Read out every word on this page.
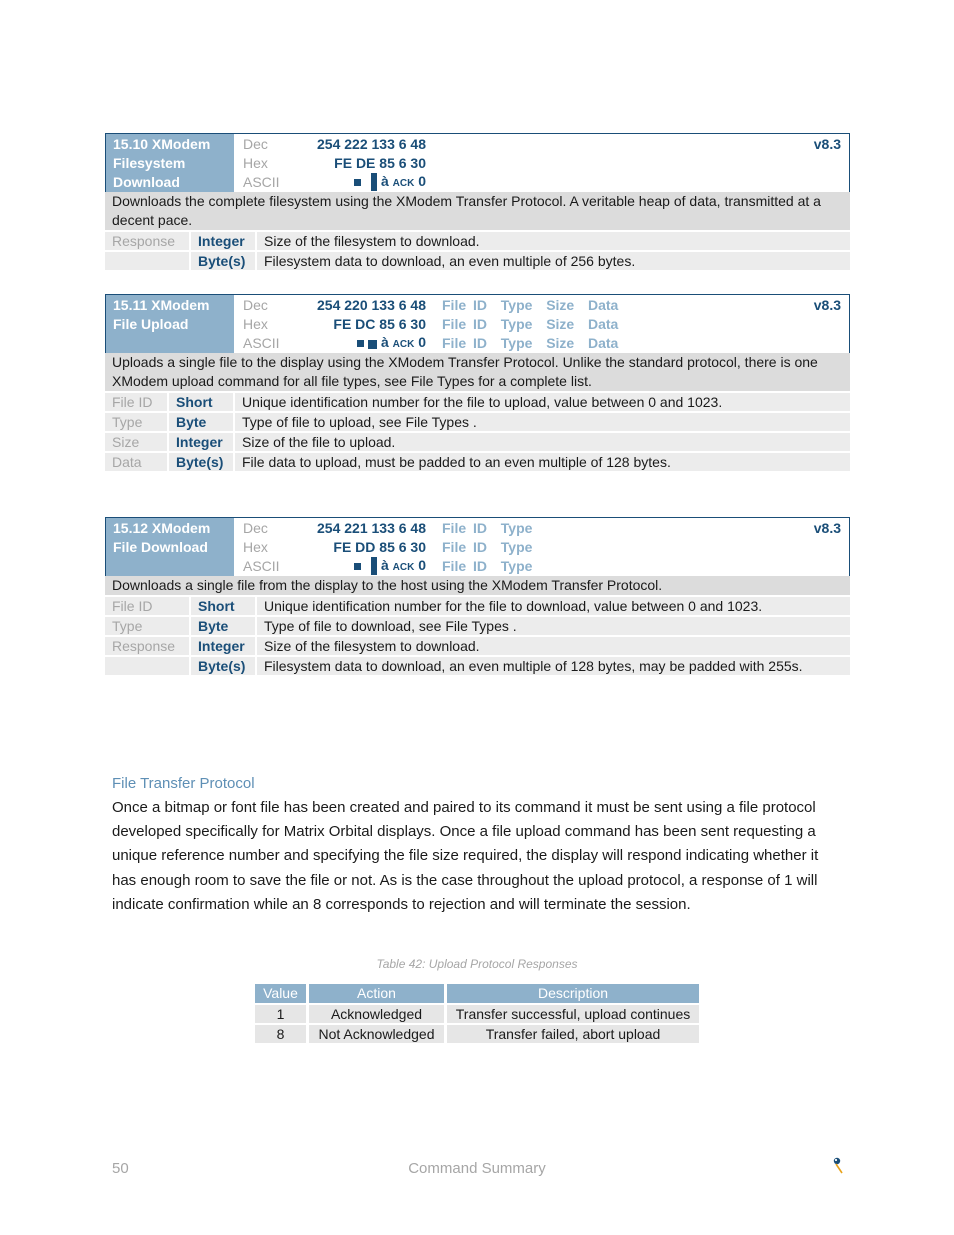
15.10 XModem
Filesystem
Download
Dec	254 222 133 6 48
Hex	FE DE 85 6 30
ASCII	à ACK 0
v8.3
Downloads the complete filesystem using the XModem Transfer Protocol. A veritable heap of data, transmitted at a decent pace.
Response	Integer	Size of the filesystem to download.
	Byte(s)	Filesystem data to download, an even multiple of 256 bytes.
15.11 XModem
File Upload
Dec	254 220 133 6 48	File ID  Type  Size  Data
Hex	FE DC 85 6 30	File ID  Type  Size  Data
ASCII	à ACK 0	File ID  Type  Size  Data
v8.3
Uploads a single file to the display using the XModem Transfer Protocol. Unlike the standard protocol, there is one XModem upload command for all file types, see File Types for a complete list.
File ID	Short	Unique identification number for the file to upload, value between 0 and 1023.
Type	Byte	Type of file to upload, see File Types .
Size	Integer	Size of the file to upload.
Data	Byte(s)	File data to upload, must be padded to an even multiple of 128 bytes.
15.12 XModem
File Download
Dec	254 221 133 6 48	File ID  Type
Hex	FE DD 85 6 30	File ID  Type
ASCII	à ACK 0	File ID  Type
v8.3
Downloads a single file from the display to the host using the XModem Transfer Protocol.
File ID	Short	Unique identification number for the file to download, value between 0 and 1023.
Type	Byte	Type of file to download, see File Types .
Response	Integer	Size of the filesystem to download.
	Byte(s)	Filesystem data to download, an even multiple of 128 bytes, may be padded with 255s.
File Transfer Protocol

Once a bitmap or font file has been created and paired to its command it must be sent using a file protocol developed specifically for Matrix Orbital displays. Once a file upload command has been sent requesting a unique reference number and specifying the file size required, the display will respond indicating whether it has enough room to save the file or not. As is the case throughout the upload protocol, a response of 1 will indicate confirmation while an 8 corresponds to rejection and will terminate the session.

Table 42: Upload Protocol Responses
Value	Action	Description
1	Acknowledged	Transfer successful, upload continues
8	Not Acknowledged	Transfer failed, abort upload
50	Command Summary
